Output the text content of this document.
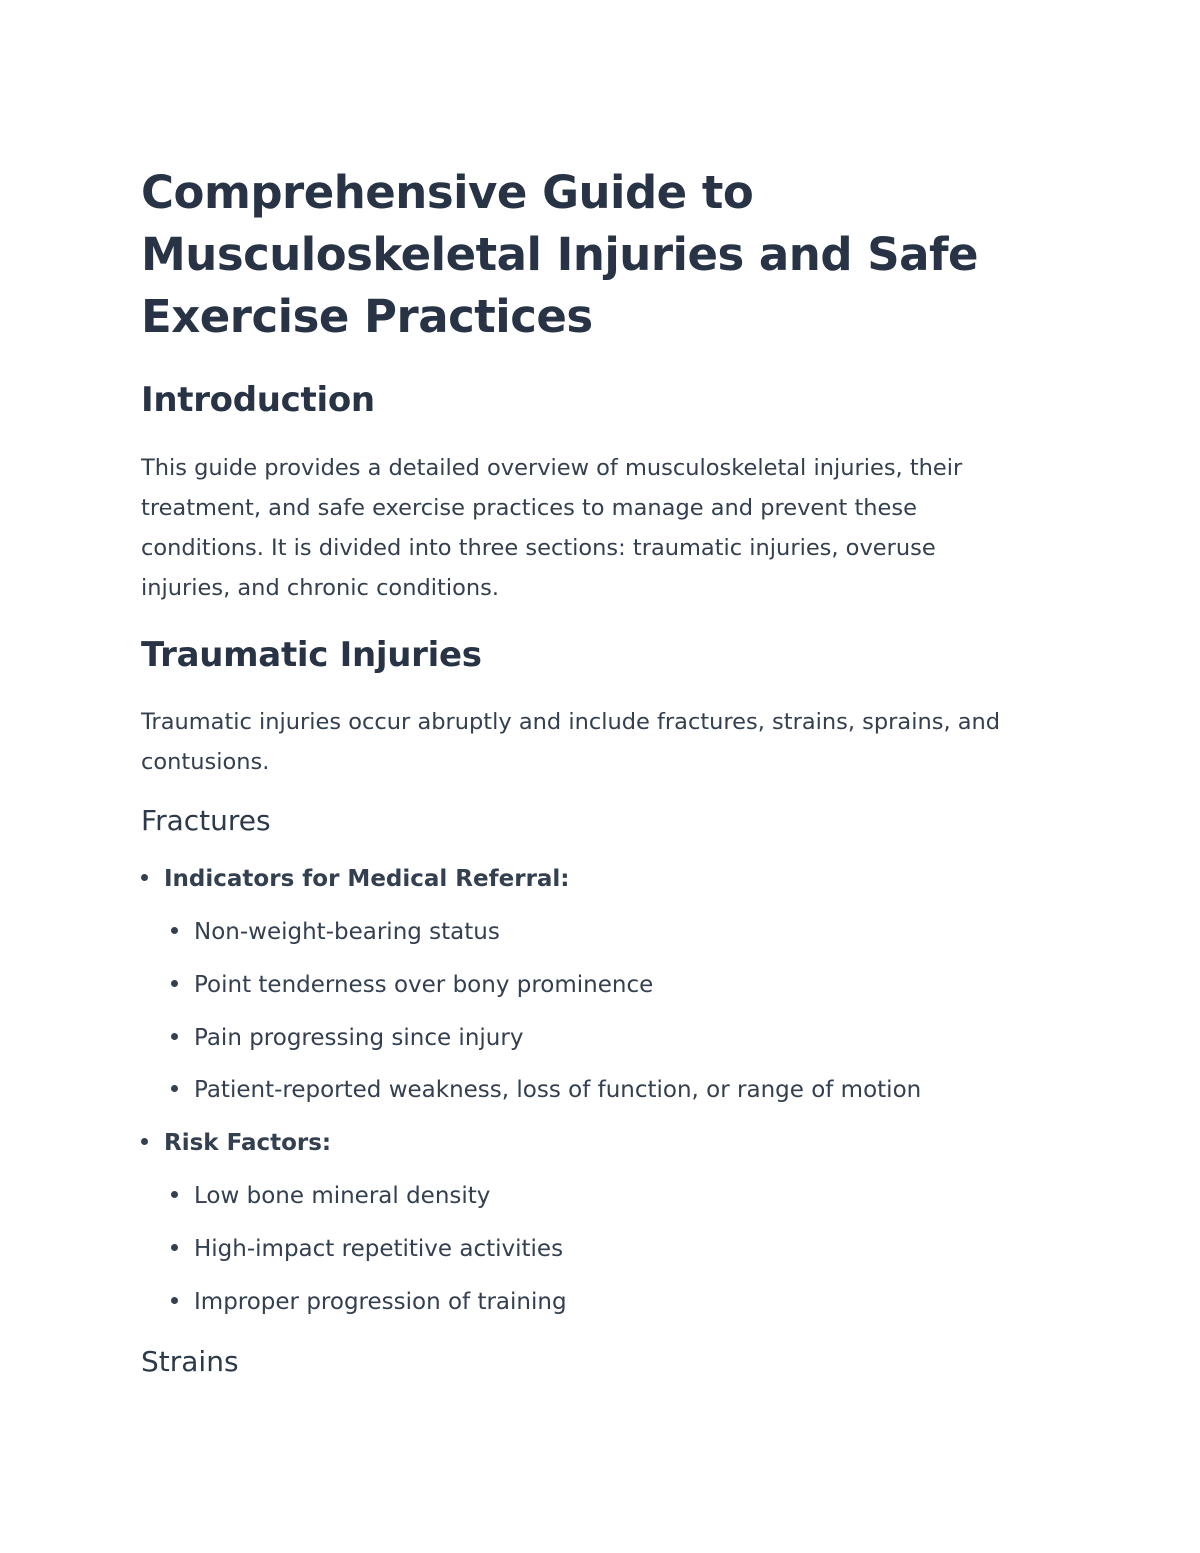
Comprehensive Guide to Musculoskeletal Injuries and Safe Exercise Practices
Introduction

This guide provides a detailed overview of musculoskeletal injuries, their treatment, and safe exercise practices to manage and prevent these conditions. It is divided into three sections: traumatic injuries, overuse injuries, and chronic conditions.

Traumatic Injuries

Traumatic injuries occur abruptly and include fractures, strains, sprains, and contusions.

Fractures
Indicators for Medical Referral:
Non-weight-bearing status
Point tenderness over bony prominence
Pain progressing since injury
Patient-reported weakness, loss of function, or range of motion
Risk Factors:
Low bone mineral density
High-impact repetitive activities
Improper progression of training
Strains
